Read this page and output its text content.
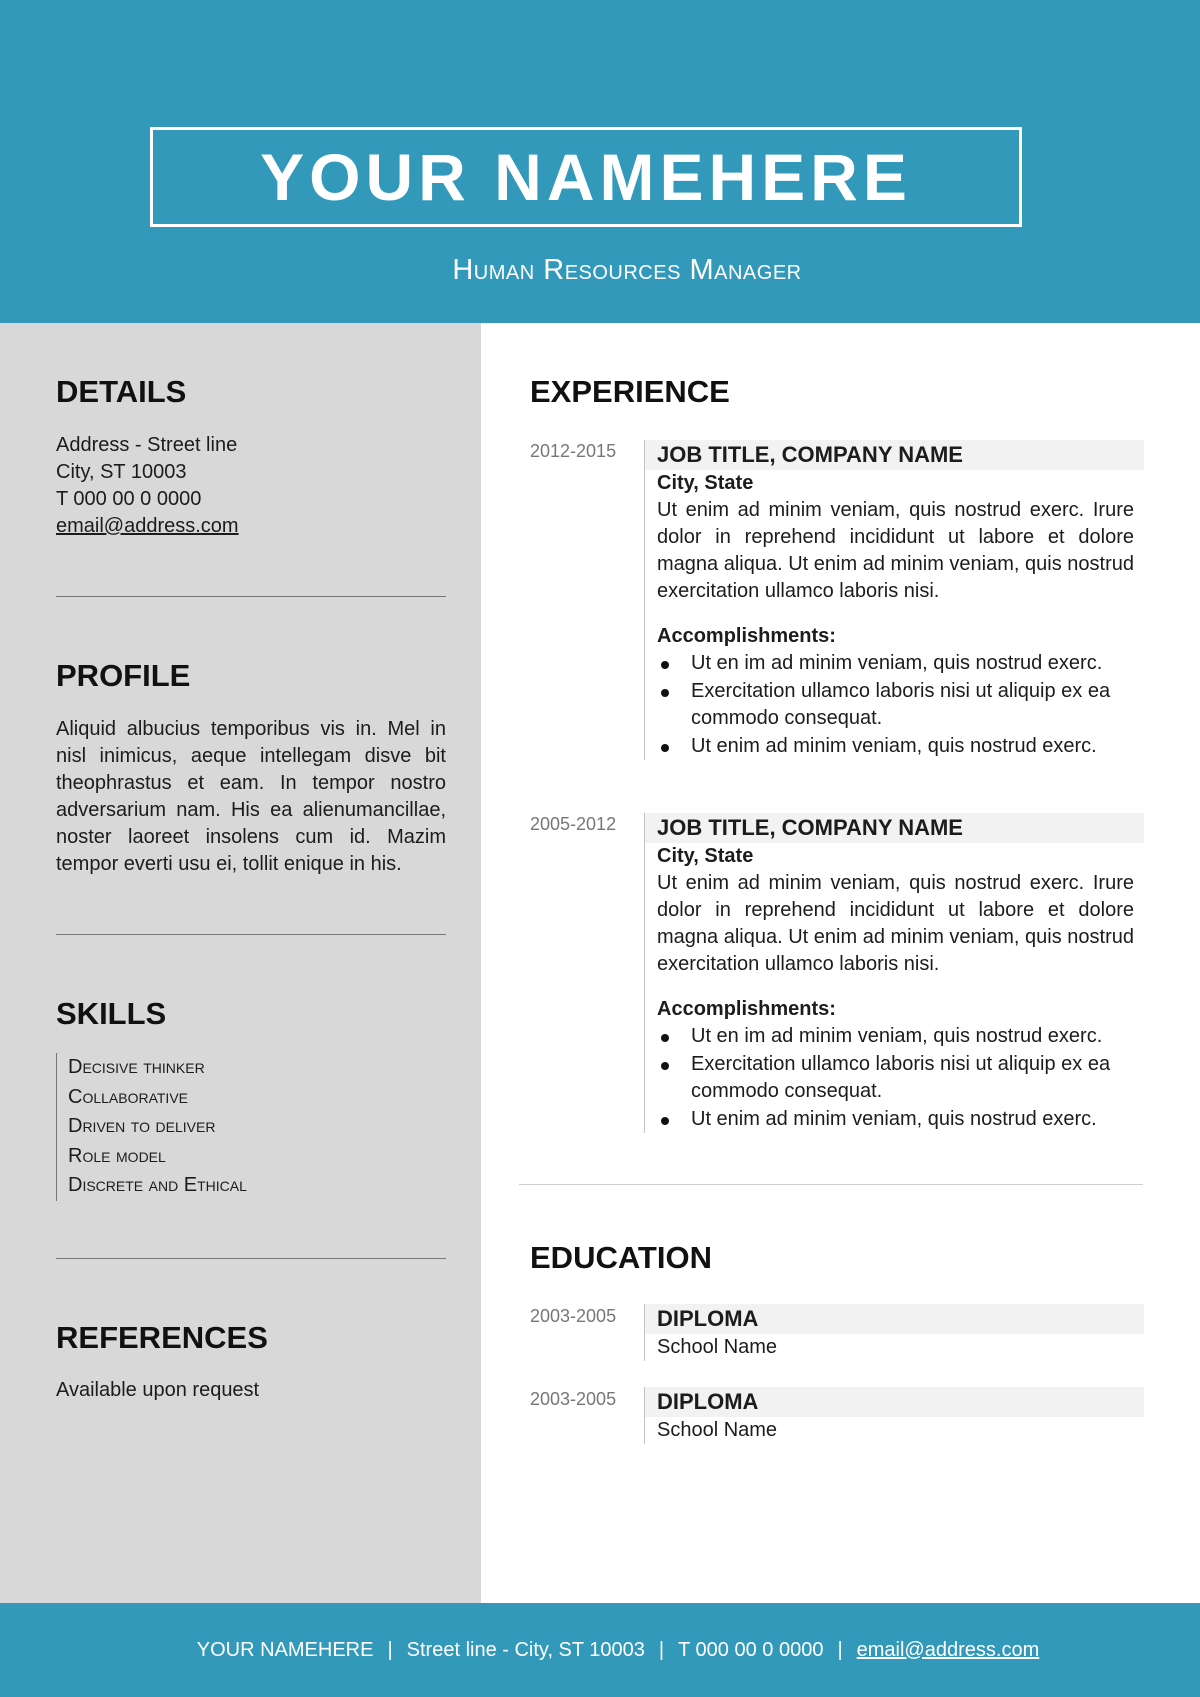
YOUR NAMEHERE
Human Resources Manager
DETAILS
Address - Street line
City, ST 10003
T 000 00 0 0000
email@address.com
PROFILE
Aliquid albucius temporibus vis in. Mel in nisl inimicus, aeque intellegam disve bit theophrastus et eam. In tempor nostro adversarium nam. His ea alienumancillae, noster laoreet insolens cum id. Mazim tempor everti usu ei, tollit enique in his.
SKILLS
Decisive thinker
Collaborative
Driven to deliver
Role model
Discrete and Ethical
REFERENCES
Available upon request
EXPERIENCE
2012-2015	JOB TITLE, COMPANY NAME
City, State
Ut enim ad minim veniam, quis nostrud exerc. Irure dolor in reprehend incididunt ut labore et dolore magna aliqua. Ut enim ad minim veniam, quis nostrud exercitation ullamco laboris nisi.
Accomplishments:
Ut en im ad minim veniam, quis nostrud exerc.
Exercitation ullamco laboris nisi ut aliquip ex ea commodo consequat.
Ut enim ad minim veniam, quis nostrud exerc.
2005-2012	JOB TITLE, COMPANY NAME
City, State
Ut enim ad minim veniam, quis nostrud exerc. Irure dolor in reprehend incididunt ut labore et dolore magna aliqua. Ut enim ad minim veniam, quis nostrud exercitation ullamco laboris nisi.
Accomplishments:
Ut en im ad minim veniam, quis nostrud exerc.
Exercitation ullamco laboris nisi ut aliquip ex ea commodo consequat.
Ut enim ad minim veniam, quis nostrud exerc.
EDUCATION
2003-2005	DIPLOMA
School Name
2003-2005	DIPLOMA
School Name
YOUR NAMEHERE | Street line - City, ST 10003 | T 000 00 0 0000 | email@address.com
